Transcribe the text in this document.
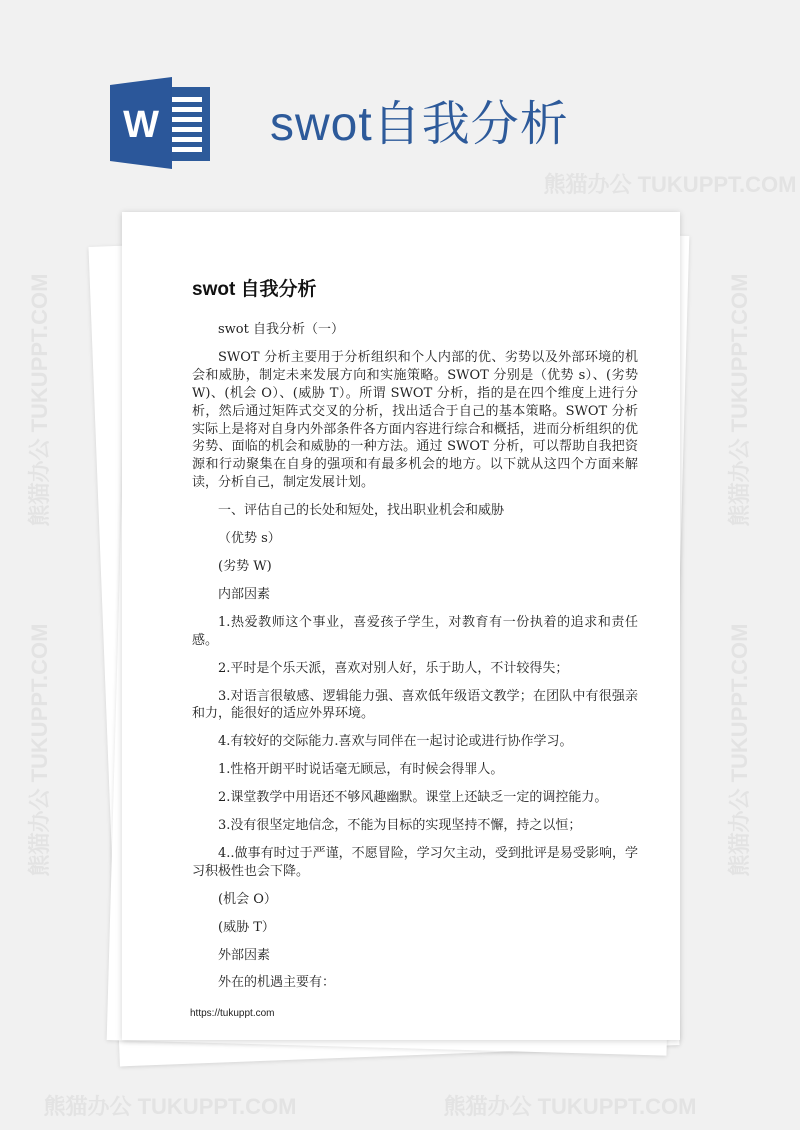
W swot自我分析
swot 自我分析

swot 自我分析（一）

SWOT 分析主要用于分析组织和个人内部的优、劣势以及外部环境的机会和威胁，制定未来发展方向和实施策略。SWOT 分别是（优势 s）、(劣势 W)、(机会 O）、(威胁 T）。所谓 SWOT 分析，指的是在四个维度上进行分析，然后通过矩阵式交叉的分析，找出适合于自己的基本策略。SWOT 分析实际上是将对自身内外部条件各方面内容进行综合和概括，进而分析组织的优劣势、面临的机会和威胁的一种方法。通过 SWOT 分析，可以帮助自我把资源和行动聚集在自身的强项和有最多机会的地方。以下就从这四个方面来解读，分析自己，制定发展计划。

一、评估自己的长处和短处，找出职业机会和威胁

（优势 s）

(劣势 W)

内部因素

1.热爱教师这个事业，喜爱孩子学生，对教育有一份执着的追求和责任感。

2.平时是个乐天派，喜欢对别人好，乐于助人，不计较得失；

3.对语言很敏感、逻辑能力强、喜欢低年级语文教学；在团队中有很强亲和力，能很好的适应外界环境。

4.有较好的交际能力.喜欢与同伴在一起讨论或进行协作学习。

1.性格开朗平时说话毫无顾忌，有时候会得罪人。

2.课堂教学中用语还不够风趣幽默。课堂上还缺乏一定的调控能力。

3.没有很坚定地信念，不能为目标的实现坚持不懈，持之以恒；

4..做事有时过于严谨，不愿冒险，学习欠主动，受到批评是易受影响，学习积极性也会下降。

(机会 O）

(威胁 T）

外部因素

外在的机遇主要有：

https://tukuppt.com
熊猫办公 TUKUPPT.COM
熊猫办公 TUKUPPT.COM
熊猫办公 TUKUPPT.COM
熊猫办公 TUKUPPT.COM
熊猫办公 TUKUPPT.COM
熊猫办公 TUKUPPT.COM	熊猫办公 TUKUPPT.COM
